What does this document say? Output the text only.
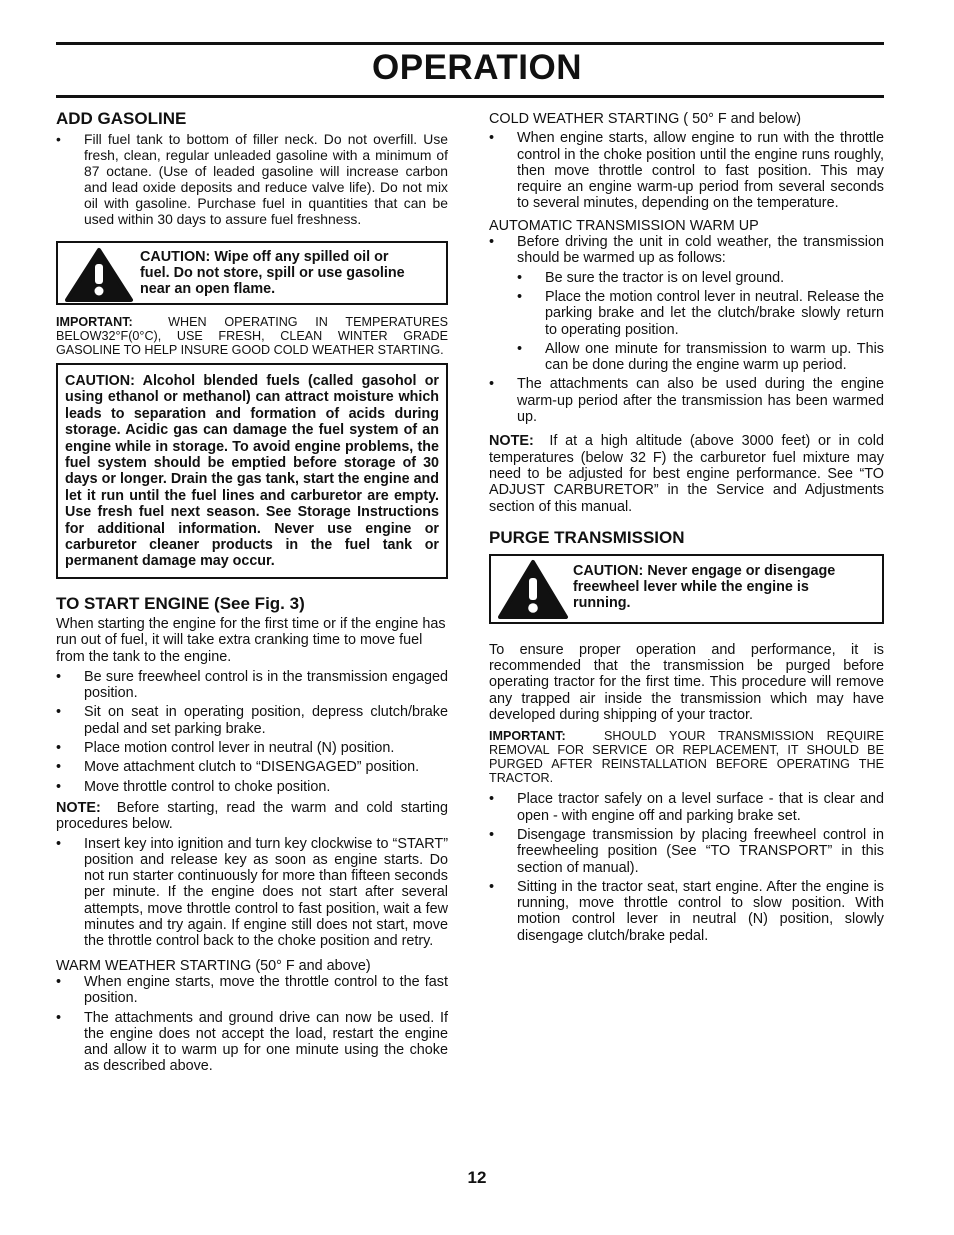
OPERATION
ADD GASOLINE
• Fill fuel tank to bottom of filler neck. Do not overfill. Use fresh, clean, regular unleaded gasoline with a minimum of 87 octane. (Use of leaded gasoline will increase carbon and lead oxide deposits and reduce valve life). Do not mix oil with gasoline. Purchase fuel in quantities that can be used within 30 days to assure fuel freshness.
CAUTION: Wipe off any spilled oil or fuel. Do not store, spill or use gasoline near an open flame.

IMPORTANT:	WHEN OPERATING IN TEMPERATURES BELOW32°F(0°C), USE FRESH, CLEAN WINTER GRADE GASOLINE TO HELP INSURE GOOD COLD WEATHER STARTING.

CAUTION: Alcohol blended fuels (called gasohol or using ethanol or methanol) can attract moisture which leads to separation and formation of acids during storage. Acidic gas can damage the fuel system of an engine while in storage. To avoid engine problems, the fuel system should be emptied before storage of 30 days or longer. Drain the gas tank, start the engine and let it run until the fuel lines and carburetor are empty. Use fresh fuel next season. See Storage Instructions for additional information. Never use engine or carburetor cleaner products in the fuel tank or permanent damage may occur.
TO START ENGINE (See Fig. 3)

When starting the engine for the first time or if the engine has run out of fuel, it will take extra cranking time to move fuel from the tank to the engine.

• Be sure freewheel control is in the transmission engaged position.
• Sit on seat in operating position, depress clutch/brake pedal and set parking brake.
• Place motion control lever in neutral (N) position.
• Move attachment clutch to “DISENGAGED” position.
• Move throttle control to choke position.

NOTE: Before starting, read the warm and cold starting procedures below.

• Insert key into ignition and turn key clockwise to “START” position and release key as soon as engine starts. Do not run starter continuously for more than fifteen seconds per minute. If the engine does not start after several attempts, move throttle control to fast position, wait a few minutes and try again. If engine still does not start, move the throttle control back to the choke position and retry.
WARM WEATHER STARTING (50° F and above)
• When engine starts, move the throttle control to the fast position.
• The attachments and ground drive can now be used. If the engine does not accept the load, restart the engine and allow it to warm up for one minute using the choke as described above.
COLD WEATHER STARTING ( 50° F and below)
• When engine starts, allow engine to run with the throttle control in the choke position until the engine runs roughly, then move throttle control to fast position. This may require an engine warm-up period from several seconds to several minutes, depending on the temperature.
AUTOMATIC TRANSMISSION WARM UP
• Before driving the unit in cold weather, the transmission should be warmed up as follows:
• Be sure the tractor is on level ground.
• Place the motion control lever in neutral. Release the parking brake and let the clutch/brake slowly return to operating position.
• Allow one minute for transmission to warm up. This can be done during the engine warm up period.
• The attachments can also be used during the engine warm-up period after the transmission has been warmed up.

NOTE: If at a high altitude (above 3000 feet) or in cold temperatures (below 32 F) the carburetor fuel mixture may need to be adjusted for best engine performance. See “TO ADJUST CARBURETOR” in the Service and Adjustments section of this manual.

PURGE TRANSMISSION
CAUTION: Never engage or disengage freewheel lever while the engine is running.

To ensure proper operation and performance, it is recommended that the transmission be purged before operating tractor for the first time. This procedure will remove any trapped air inside the transmission which may have developed during shipping of your tractor.

IMPORTANT:	SHOULD YOUR TRANSMISSION REQUIRE REMOVAL FOR SERVICE OR REPLACEMENT, IT SHOULD BE PURGED AFTER REINSTALLATION BEFORE OPERATING THE TRACTOR.

• Place tractor safely on a level surface - that is clear and open - with engine off and parking brake set.
• Disengage transmission by placing freewheel control in freewheeling position (See “TO TRANSPORT” in this section of manual).
• Sitting in the tractor seat, start engine. After the engine is running, move throttle control to slow position. With motion control lever in neutral (N) position, slowly disengage clutch/brake pedal.
12
